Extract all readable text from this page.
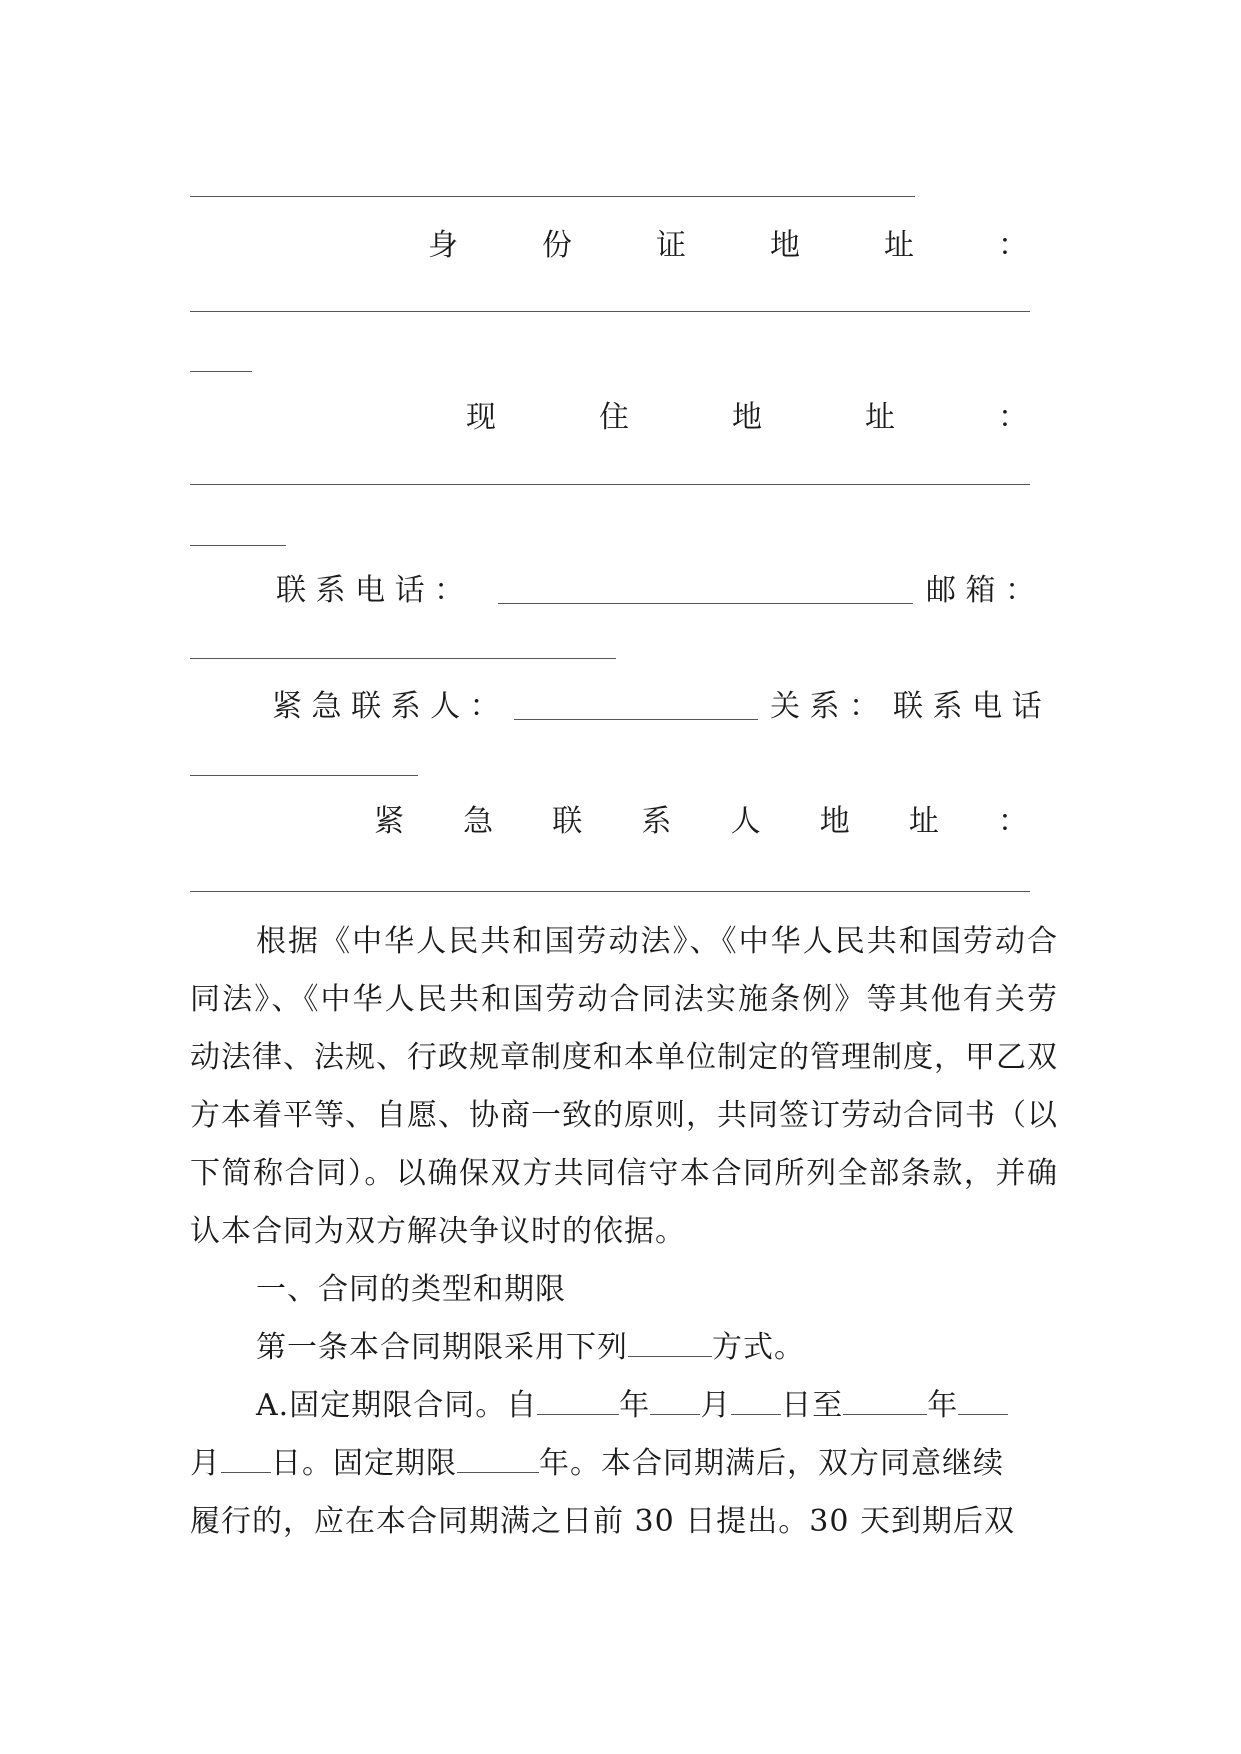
身	份	证	地	址	：
现	住	地	址	：
联 系 电 话 ：	邮 箱 ：
紧 急 联 系 人 ：	关 系 ： 联 系 电 话
紧 急 联 系 人 地 址 ：
根据《中华人民共和国劳动法》、《中华人民共和国劳动合同法》、《中华人民共和国劳动合同法实施条例》等其他有关劳动法律、法规、行政规章制度和本单位制定的管理制度，甲乙双方本着平等、自愿、协商一致的原则，共同签订劳动合同书（以下简称合同）。以确保双方共同信守本合同所列全部条款，并确认本合同为双方解决争议时的依据。
一、合同的类型和期限
第一条本合同期限采用下列	方式。
A.固定期限合同。自	年 月 日至	年
月 日。固定期限	年。本合同期满后，双方同意继续
履行的，应在本合同期满之日前 30 日提出。30 天到期后双
